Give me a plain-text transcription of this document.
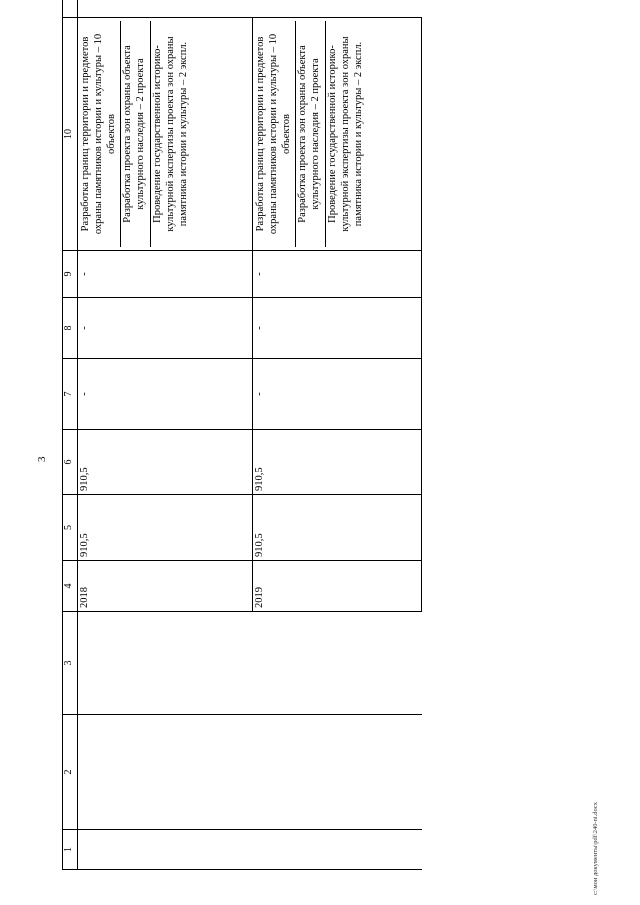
3
1	2	3	4	5	6	7	8	9	10	
			2018	910,5	910,5	-	-	-	Разработка границ территории и предметов охраны памятников истории и культуры – 10 объектов Разработка проекта зон охраны объекта культурного наследия – 2 проекта Проведение государственной историко-культурной экспертизы проекта зон охраны памятника истории и культуры – 2 экспл.	

			2019	910,5	910,5	-	-	-	Разработка границ территории и предметов охраны памятников истории и культуры – 10 объектов Разработка проекта зон охраны объекта культурного наследия – 2 проекта Проведение государственной историко-культурной экспертизы проекта зон охраны памятника истории и культуры – 2 экспл.	

c:\мои документы\pdf\240-ni.docx
